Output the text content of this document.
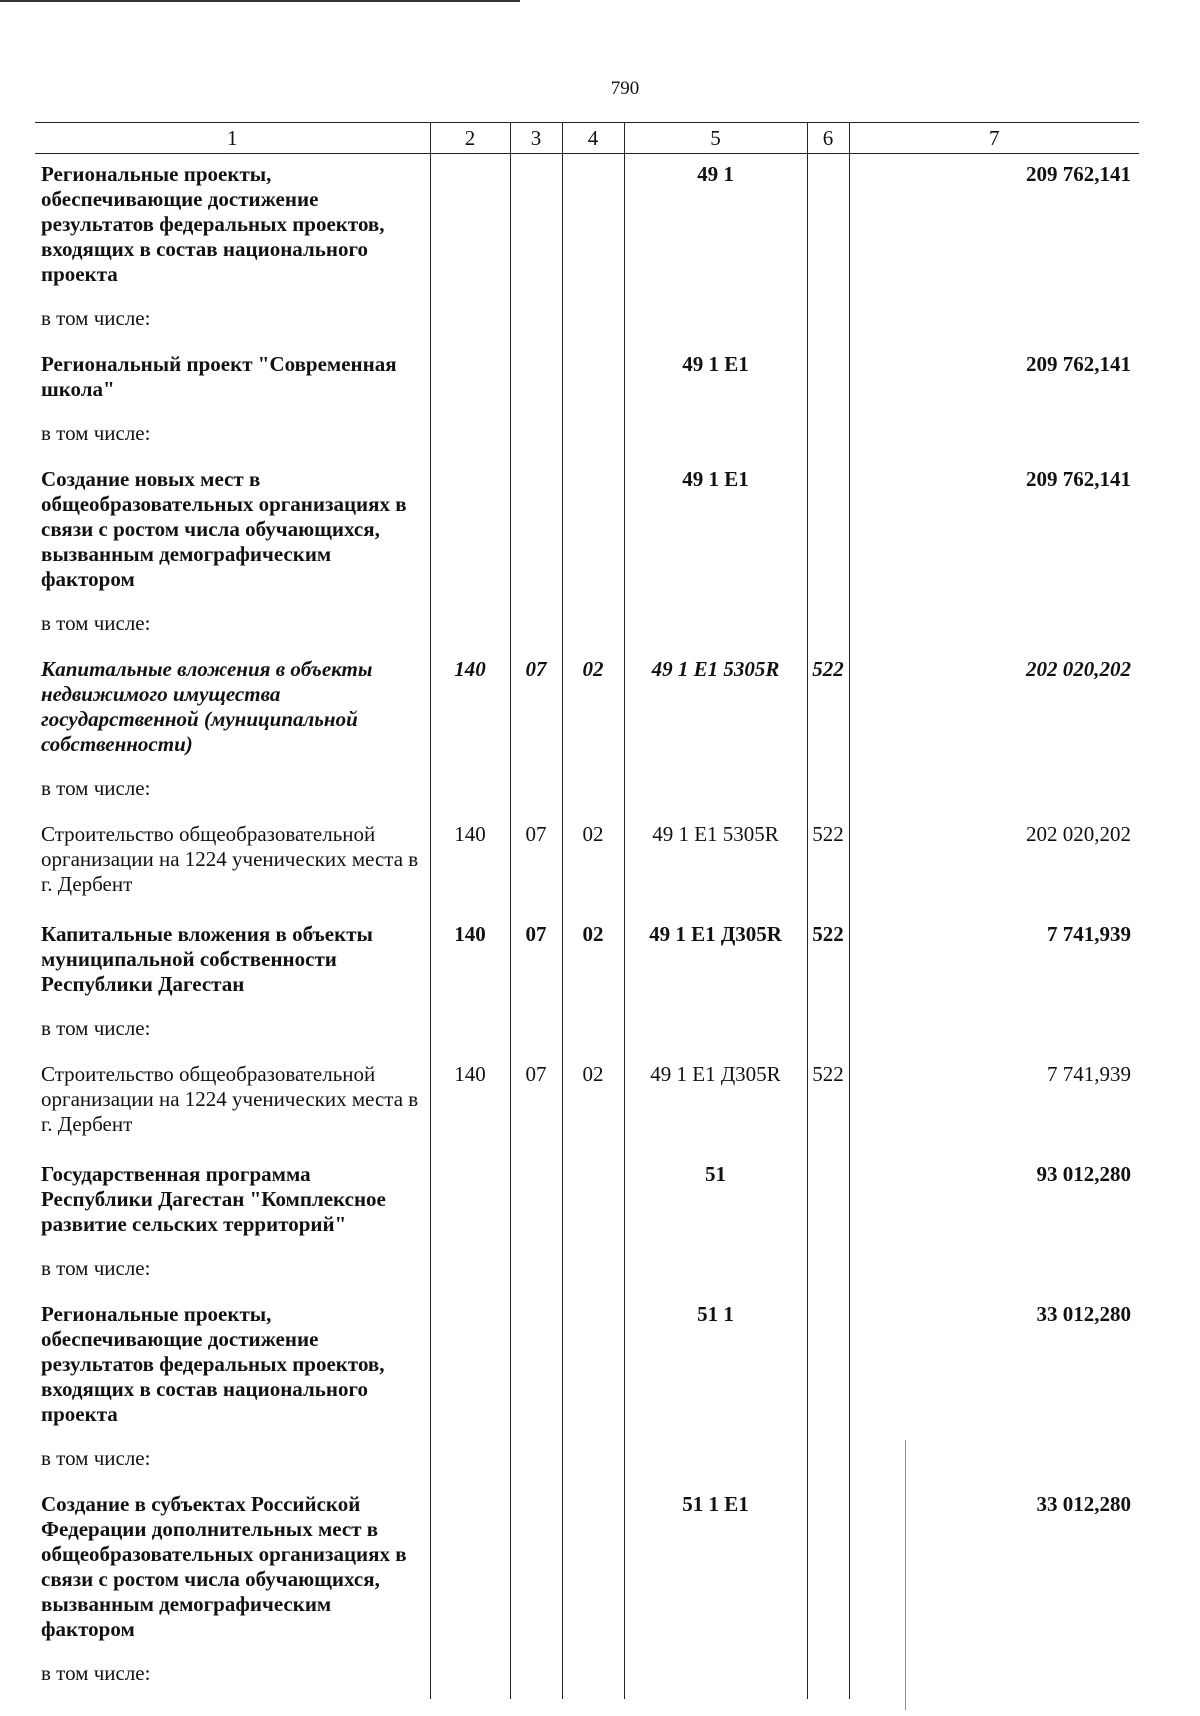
790
1	2	3	4	5	6	7
Региональные проекты, обеспечивающие достижение результатов федеральных проектов, входящих в состав национального проекта				49 1		209 762,141
в том числе:						
Региональный проект "Современная школа"				49 1 E1		209 762,141
в том числе:						
Создание новых мест в общеобразовательных организациях в связи с ростом числа обучающихся, вызванным демографическим фактором				49 1 E1		209 762,141
в том числе:						
Капитальные вложения в объекты недвижимого имущества государственной (муниципальной собственности)	140	07	02	49 1 E1 5305R	522	202 020,202
в том числе:						
Строительство общеобразовательной организации на 1224 ученических места в г. Дербент	140	07	02	49 1 E1 5305R	522	202 020,202
Капитальные вложения в объекты муниципальной собственности Республики Дагестан	140	07	02	49 1 E1 Д305R	522	7 741,939
в том числе:						
Строительство общеобразовательной организации на 1224 ученических места в г. Дербент	140	07	02	49 1 E1 Д305R	522	7 741,939
Государственная программа Республики Дагестан "Комплексное развитие сельских территорий"				51		93 012,280
в том числе:						
Региональные проекты, обеспечивающие достижение результатов федеральных проектов, входящих в состав национального проекта				51 1		33 012,280
в том числе:						
Создание в субъектах Российской Федерации дополнительных мест в общеобразовательных организациях в связи с ростом числа обучающихся, вызванным демографическим фактором				51 1 E1		33 012,280
в том числе:						
